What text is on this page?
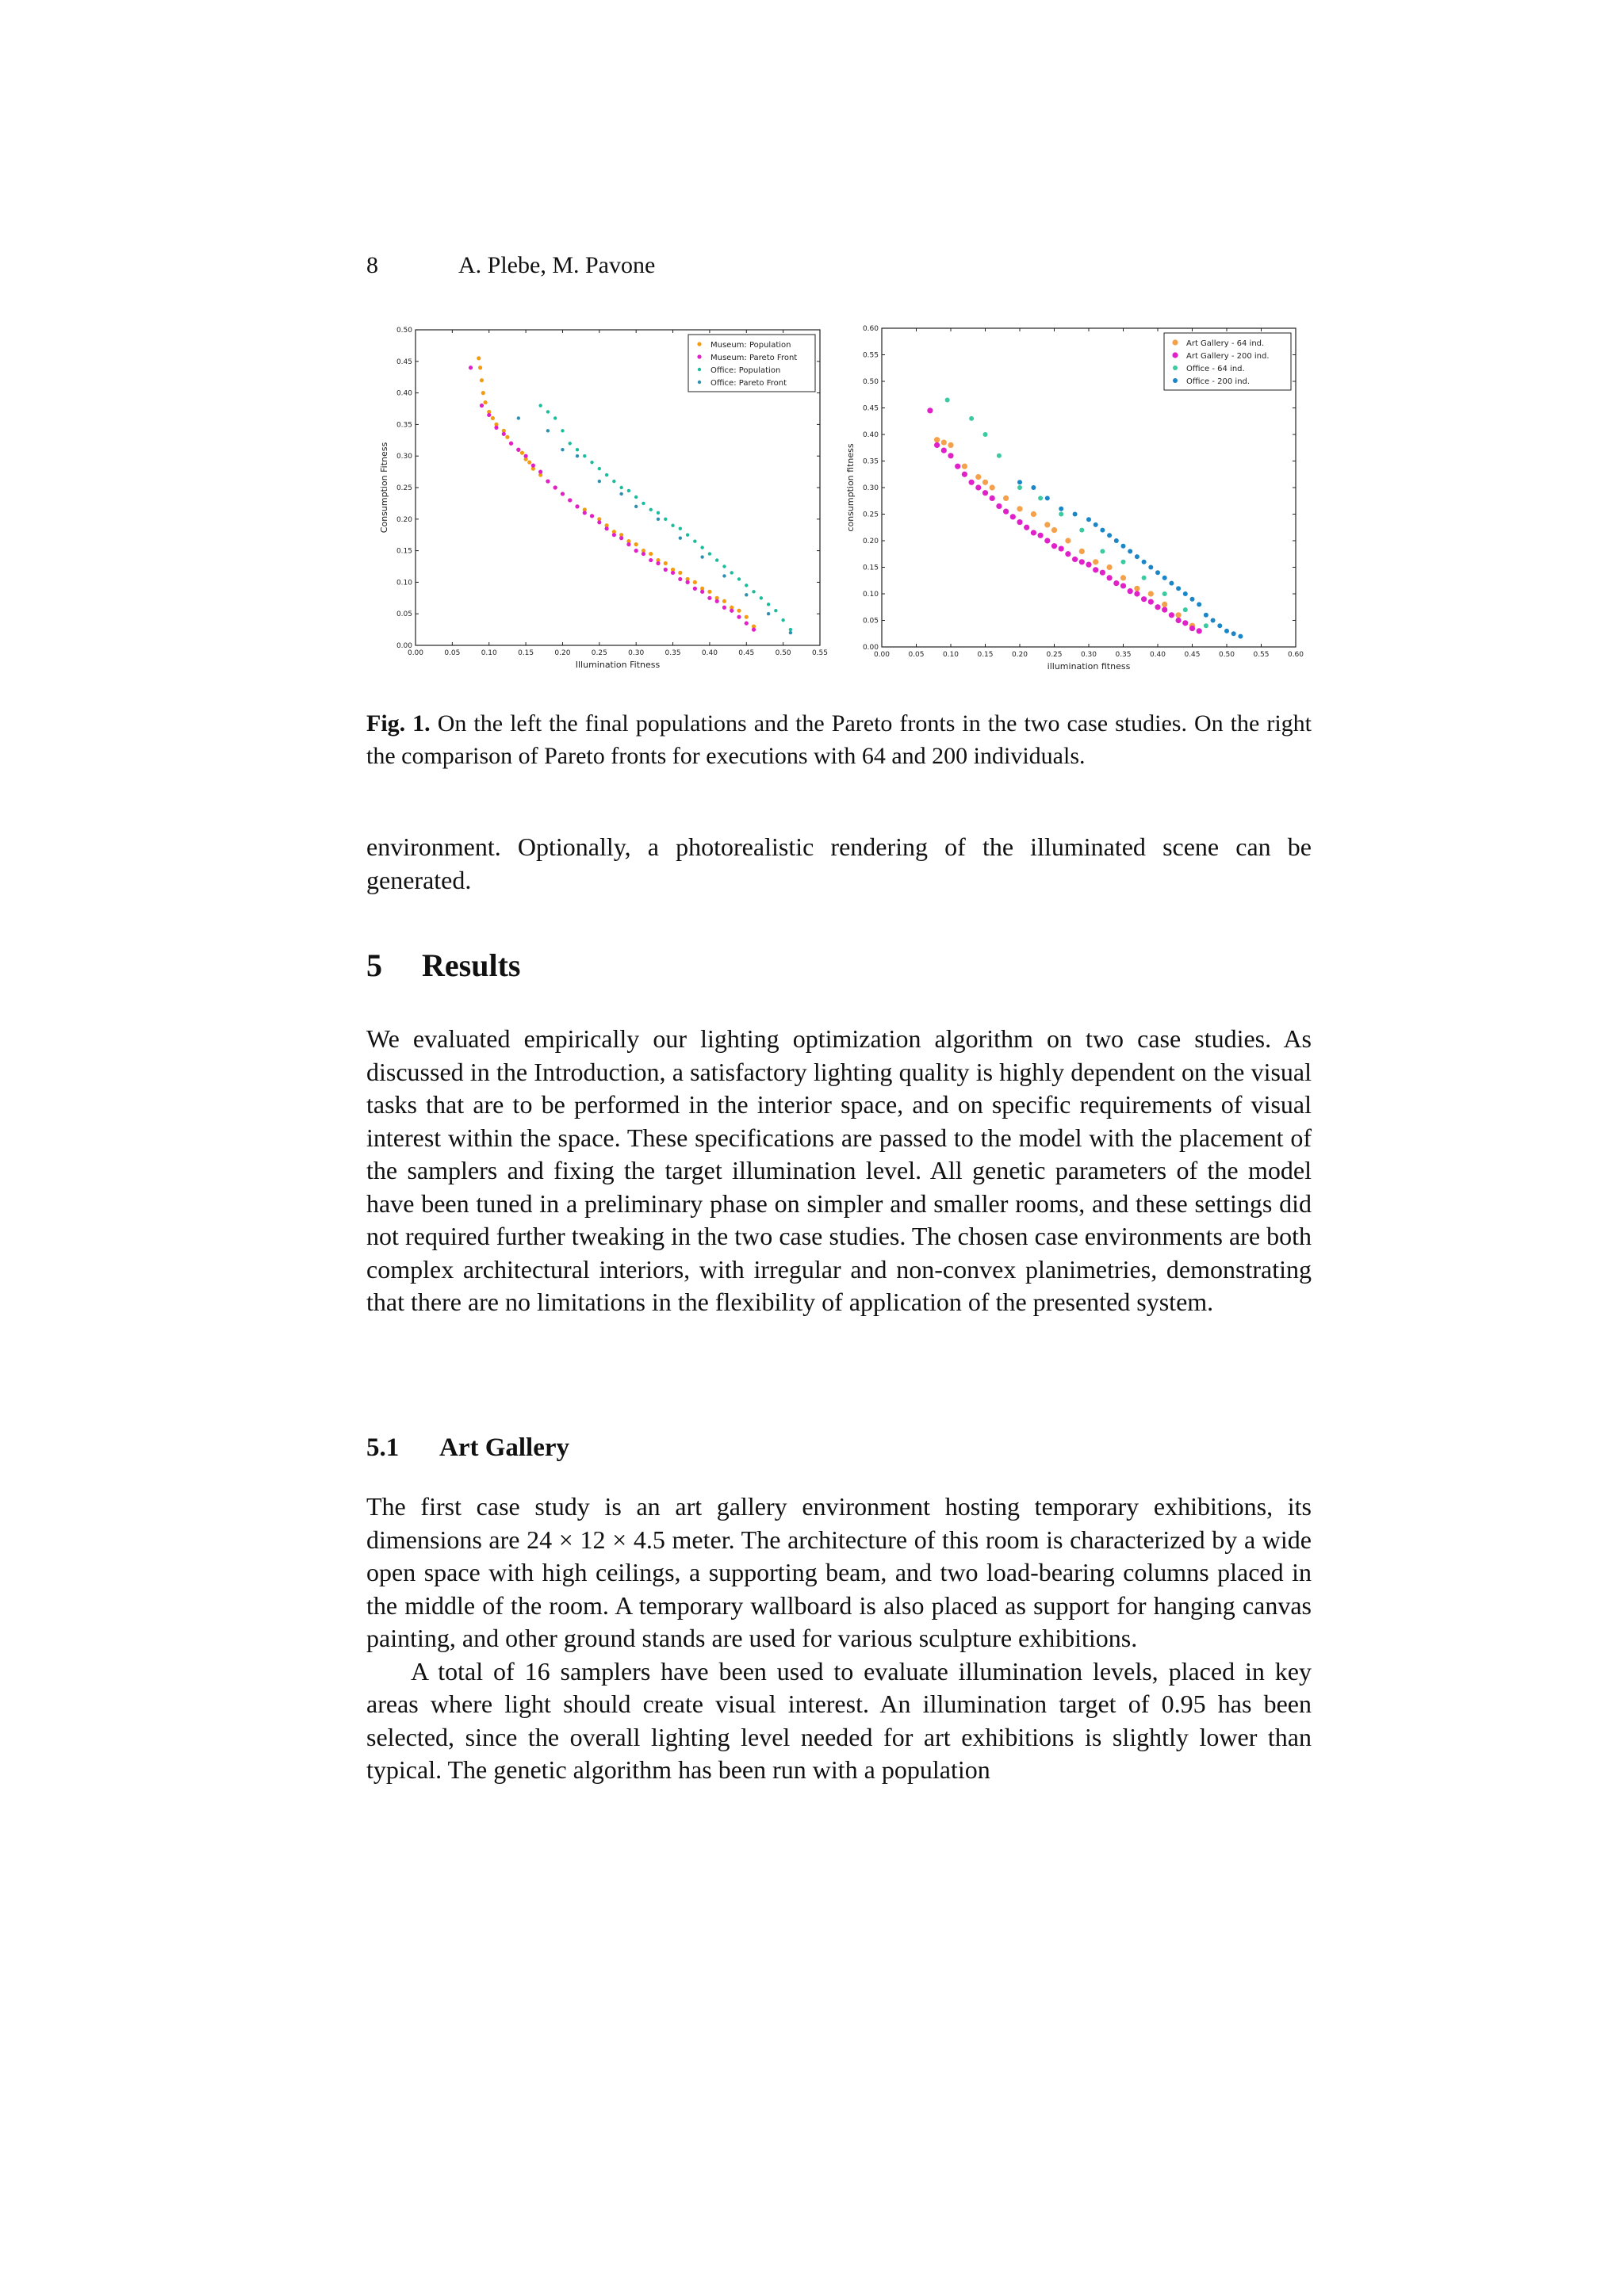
8	A. Plebe, M. Pavone
0.00	0.05	0.10	0.15	0.20	0.25	0.30	0.35	0.40	0.45	0.50	0.55
0.00
0.05
0.10
0.15
0.20
0.25
0.30
0.35
0.40
0.45
0.50
Illumination Fitness
Consumption Fitness
Museum: Population
Museum: Pareto Front
Office: Population
Office: Pareto Front
0.00	0.05	0.10	0.15	0.20	0.25	0.30	0.35	0.40	0.45	0.50	0.55	0.60
0.00
0.05
0.10
0.15
0.20
0.25
0.30
0.35
0.40
0.45
0.50
0.55
0.60
illumination fitness
consumption fitness
Art Gallery - 64 ind.
Art Gallery - 200 ind.
Office - 64 ind.
Office - 200 ind.
Fig. 1. On the left the final populations and the Pareto fronts in the two case studies. On the right the comparison of Pareto fronts for executions with 64 and 200 individuals.

environment. Optionally, a photorealistic rendering of the illuminated scene can be generated.

5 Results

We evaluated empirically our lighting optimization algorithm on two case studies. As discussed in the Introduction, a satisfactory lighting quality is highly dependent on the visual tasks that are to be performed in the interior space, and on specific requirements of visual interest within the space. These specifications are passed to the model with the placement of the samplers and fixing the target illumination level. All genetic parameters of the model have been tuned in a preliminary phase on simpler and smaller rooms, and these settings did not required further tweaking in the two case studies. The chosen case environments are both complex architectural interiors, with irregular and non-convex planimetries, demonstrating that there are no limitations in the flexibility of application of the presented system.

5.1 Art Gallery

The first case study is an art gallery environment hosting temporary exhibitions, its dimensions are 24 × 12 × 4.5 meter. The architecture of this room is characterized by a wide open space with high ceilings, a supporting beam, and two load-bearing columns placed in the middle of the room. A temporary wallboard is also placed as support for hanging canvas painting, and other ground stands are used for various sculpture exhibitions.

A total of 16 samplers have been used to evaluate illumination levels, placed in key areas where light should create visual interest. An illumination target of 0.95 has been selected, since the overall lighting level needed for art exhibitions is slightly lower than typical. The genetic algorithm has been run with a population
